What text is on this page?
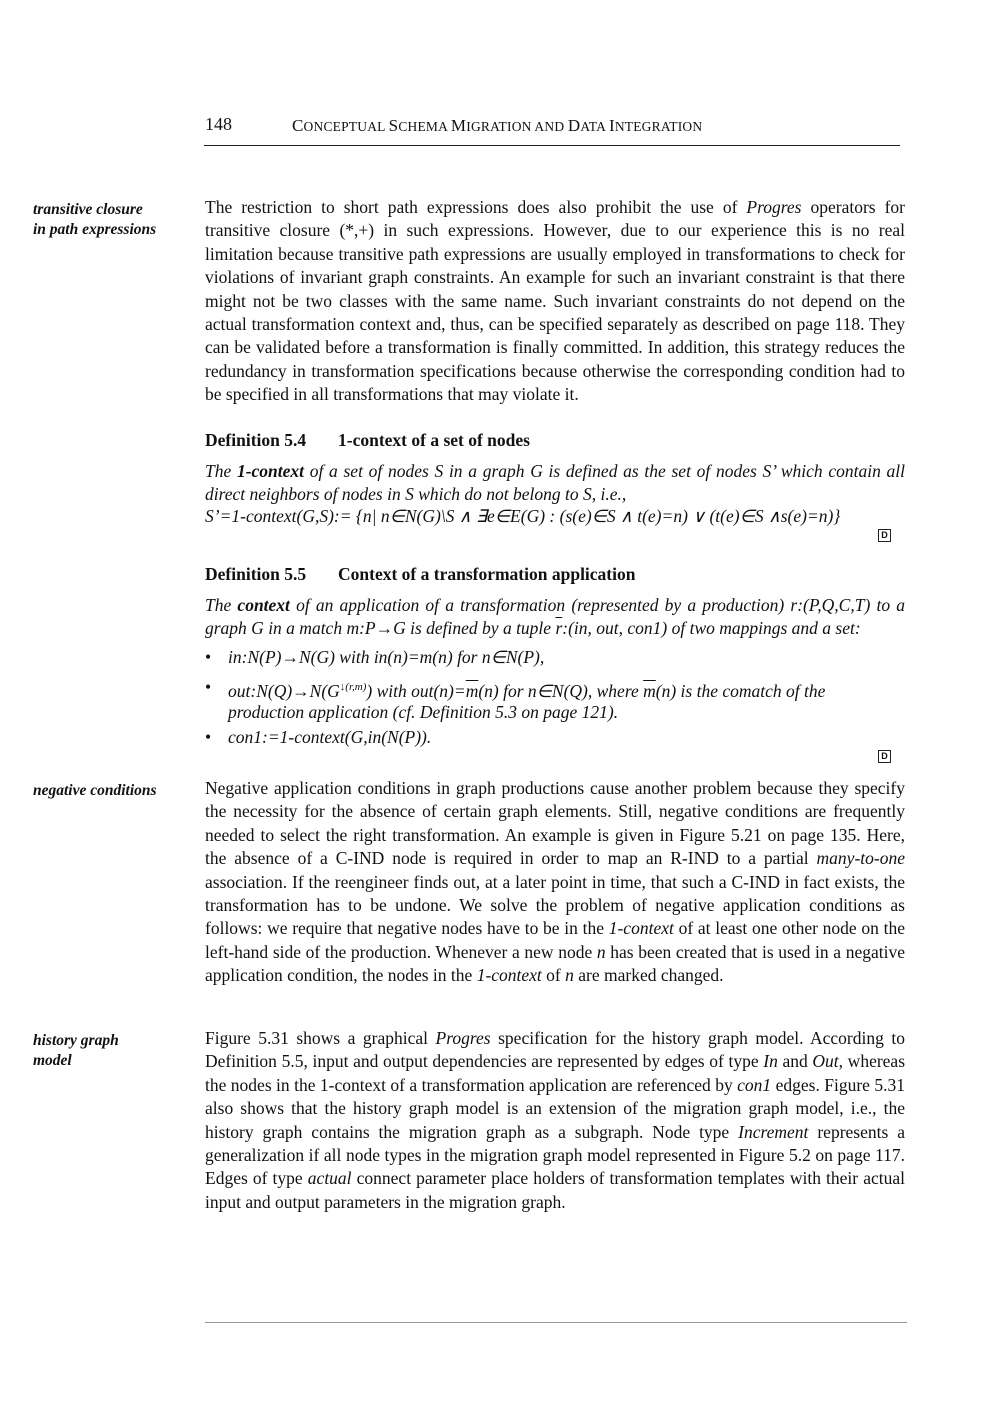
148	CONCEPTUAL SCHEMA MIGRATION AND DATA INTEGRATION
transitive closure
in path expressions
The restriction to short path expressions does also prohibit the use of Progres operators for transitive closure (*,+) in such expressions. However, due to our experience this is no real limitation because transitive path expressions are usually employed in transformations to check for violations of invariant graph constraints. An example for such an invariant constraint is that there might not be two classes with the same name. Such invariant constraints do not depend on the actual transformation context and, thus, can be specified separately as described on page 118. They can be validated before a transformation is finally committed. In addition, this strategy reduces the redundancy in transformation specifications because otherwise the corresponding condition had to be specified in all transformations that may violate it.
Definition 5.4 1-context of a set of nodes
The 1-context of a set of nodes S in a graph G is defined as the set of nodes S’ which contain all direct neighbors of nodes in S which do not belong to S, i.e.,
S’=1-context(G,S):= {n| n∈N(G)\S ∧ ∃e∈E(G) : (s(e)∈S ∧ t(e)=n) ∨ (t(e)∈S ∧s(e)=n)}
D
Definition 5.5 Context of a transformation application
The context of an application of a transformation (represented by a production) r:(P,Q,C,T) to a graph G in a match m:P→G is defined by a tuple $\overline{r}:(in$, out, con1) of two mappings and a set:
• in:N(P)→N(G) with in(n)=m(n) for n∈N(P),
• $out:N(Q)\to N(G^{↓(r,m)})$ with $out(n)=\overline{m}(n)$ for n∈N(Q), where $\overline{m}(n)$ is the comatch of the production application (cf. Definition 5.3 on page 121).
• con1:=1-context(G,in(N(P)).
D
negative conditions	Negative application conditions in graph productions cause another problem because they specify the necessity for the absence of certain graph elements. Still, negative conditions are frequently needed to select the right transformation. An example is given in Figure 5.21 on page 135. Here, the absence of a C-IND node is required in order to map an R-IND to a partial many-to-one association. If the reengineer finds out, at a later point in time, that such a C-IND in fact exists, the transformation has to be undone. We solve the problem of negative application conditions as follows: we require that negative nodes have to be in the 1-context of at least one other node on the left-hand side of the production. Whenever a new node n has been created that is used in a negative application condition, the nodes in the 1-context of n are marked changed.
history graph
model
Figure 5.31 shows a graphical Progres specification for the history graph model. According to Definition 5.5, input and output dependencies are represented by edges of type In and Out, whereas the nodes in the 1-context of a transformation application are referenced by con1 edges. Figure 5.31 also shows that the history graph model is an extension of the migration graph model, i.e., the history graph contains the migration graph as a subgraph. Node type Increment represents a generalization if all node types in the migration graph model represented in Figure 5.2 on page 117. Edges of type actual connect parameter place holders of transformation templates with their actual input and output parameters in the migration graph.
